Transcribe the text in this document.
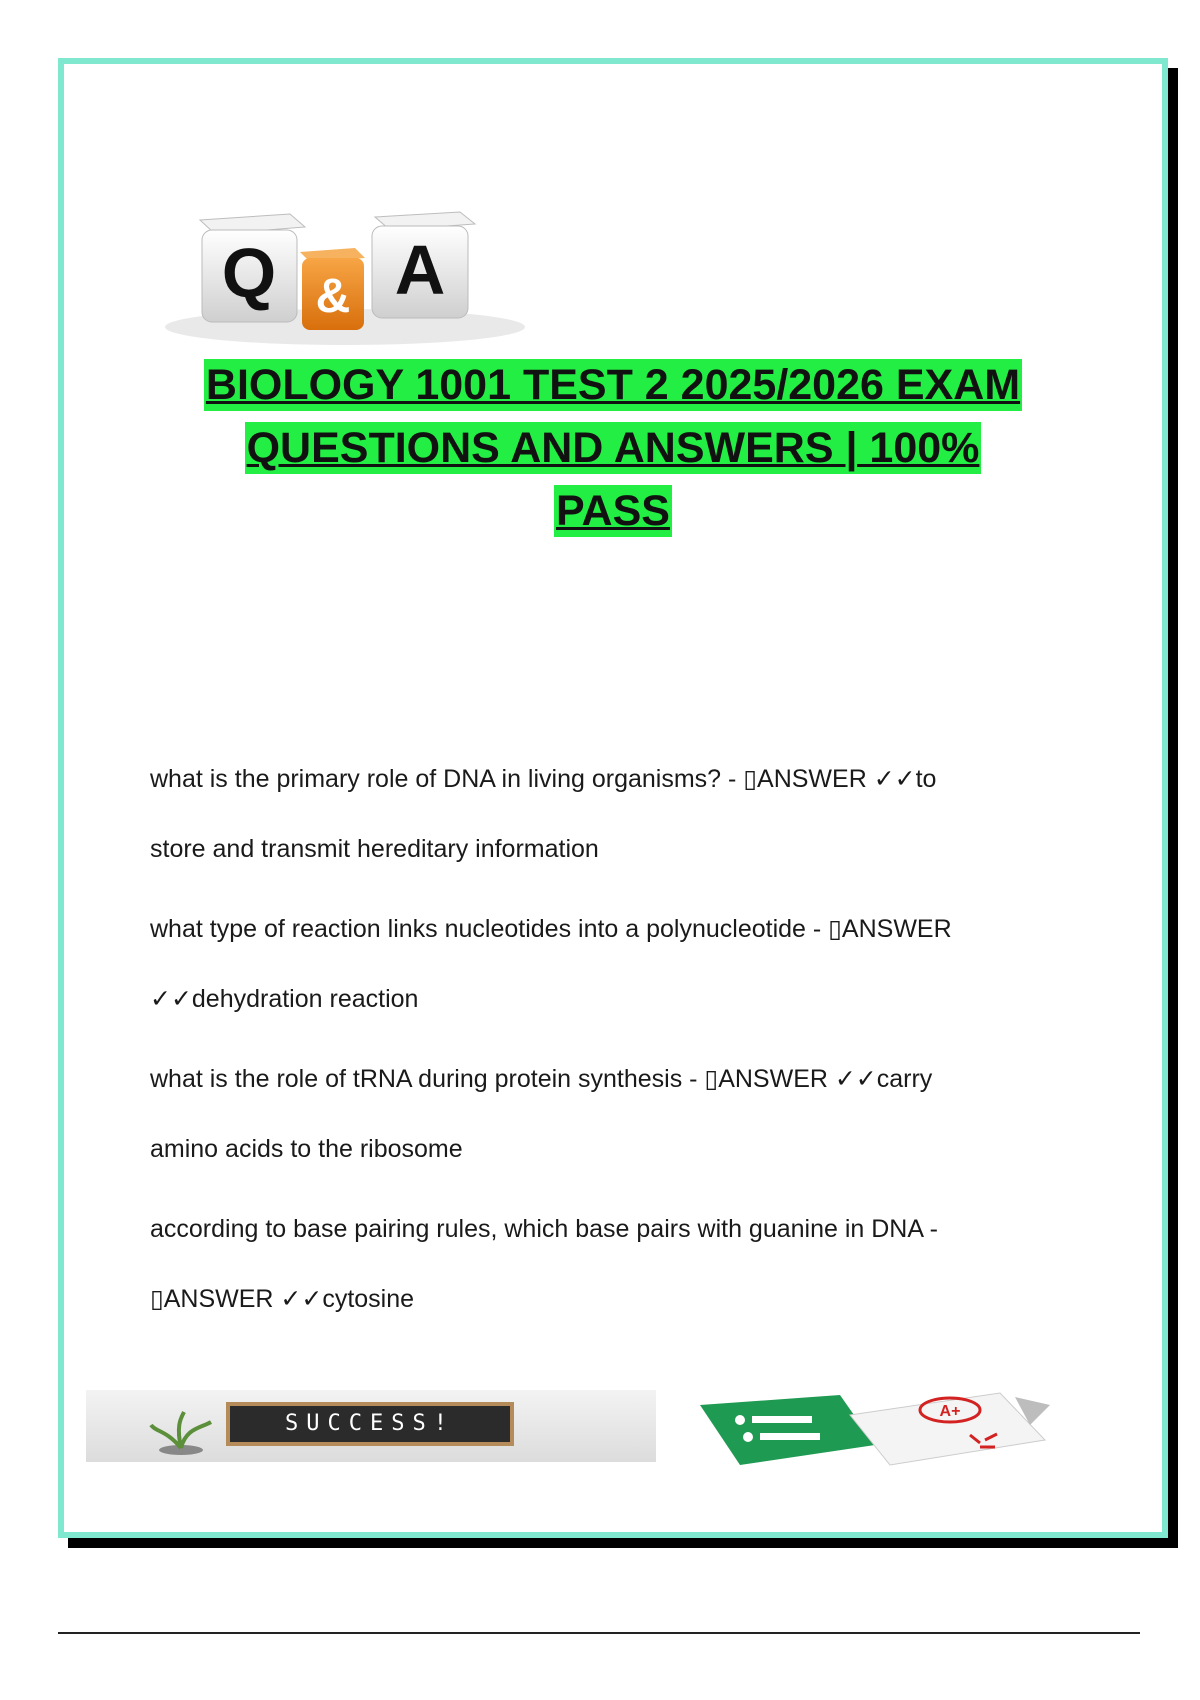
Q & A
BIOLOGY 1001 TEST 2 2025/2026 EXAM
QUESTIONS AND ANSWERS | 100%
PASS

what is the primary role of DNA in living organisms? - ▯ANSWER ✓✓to

store and transmit hereditary information

what type of reaction links nucleotides into a polynucleotide - ▯ANSWER

✓✓dehydration reaction

what is the role of tRNA during protein synthesis - ▯ANSWER ✓✓carry

amino acids to the ribosome

according to base pairing rules, which base pairs with guanine in DNA -

▯ANSWER ✓✓cytosine

SUCCESS!	A+
